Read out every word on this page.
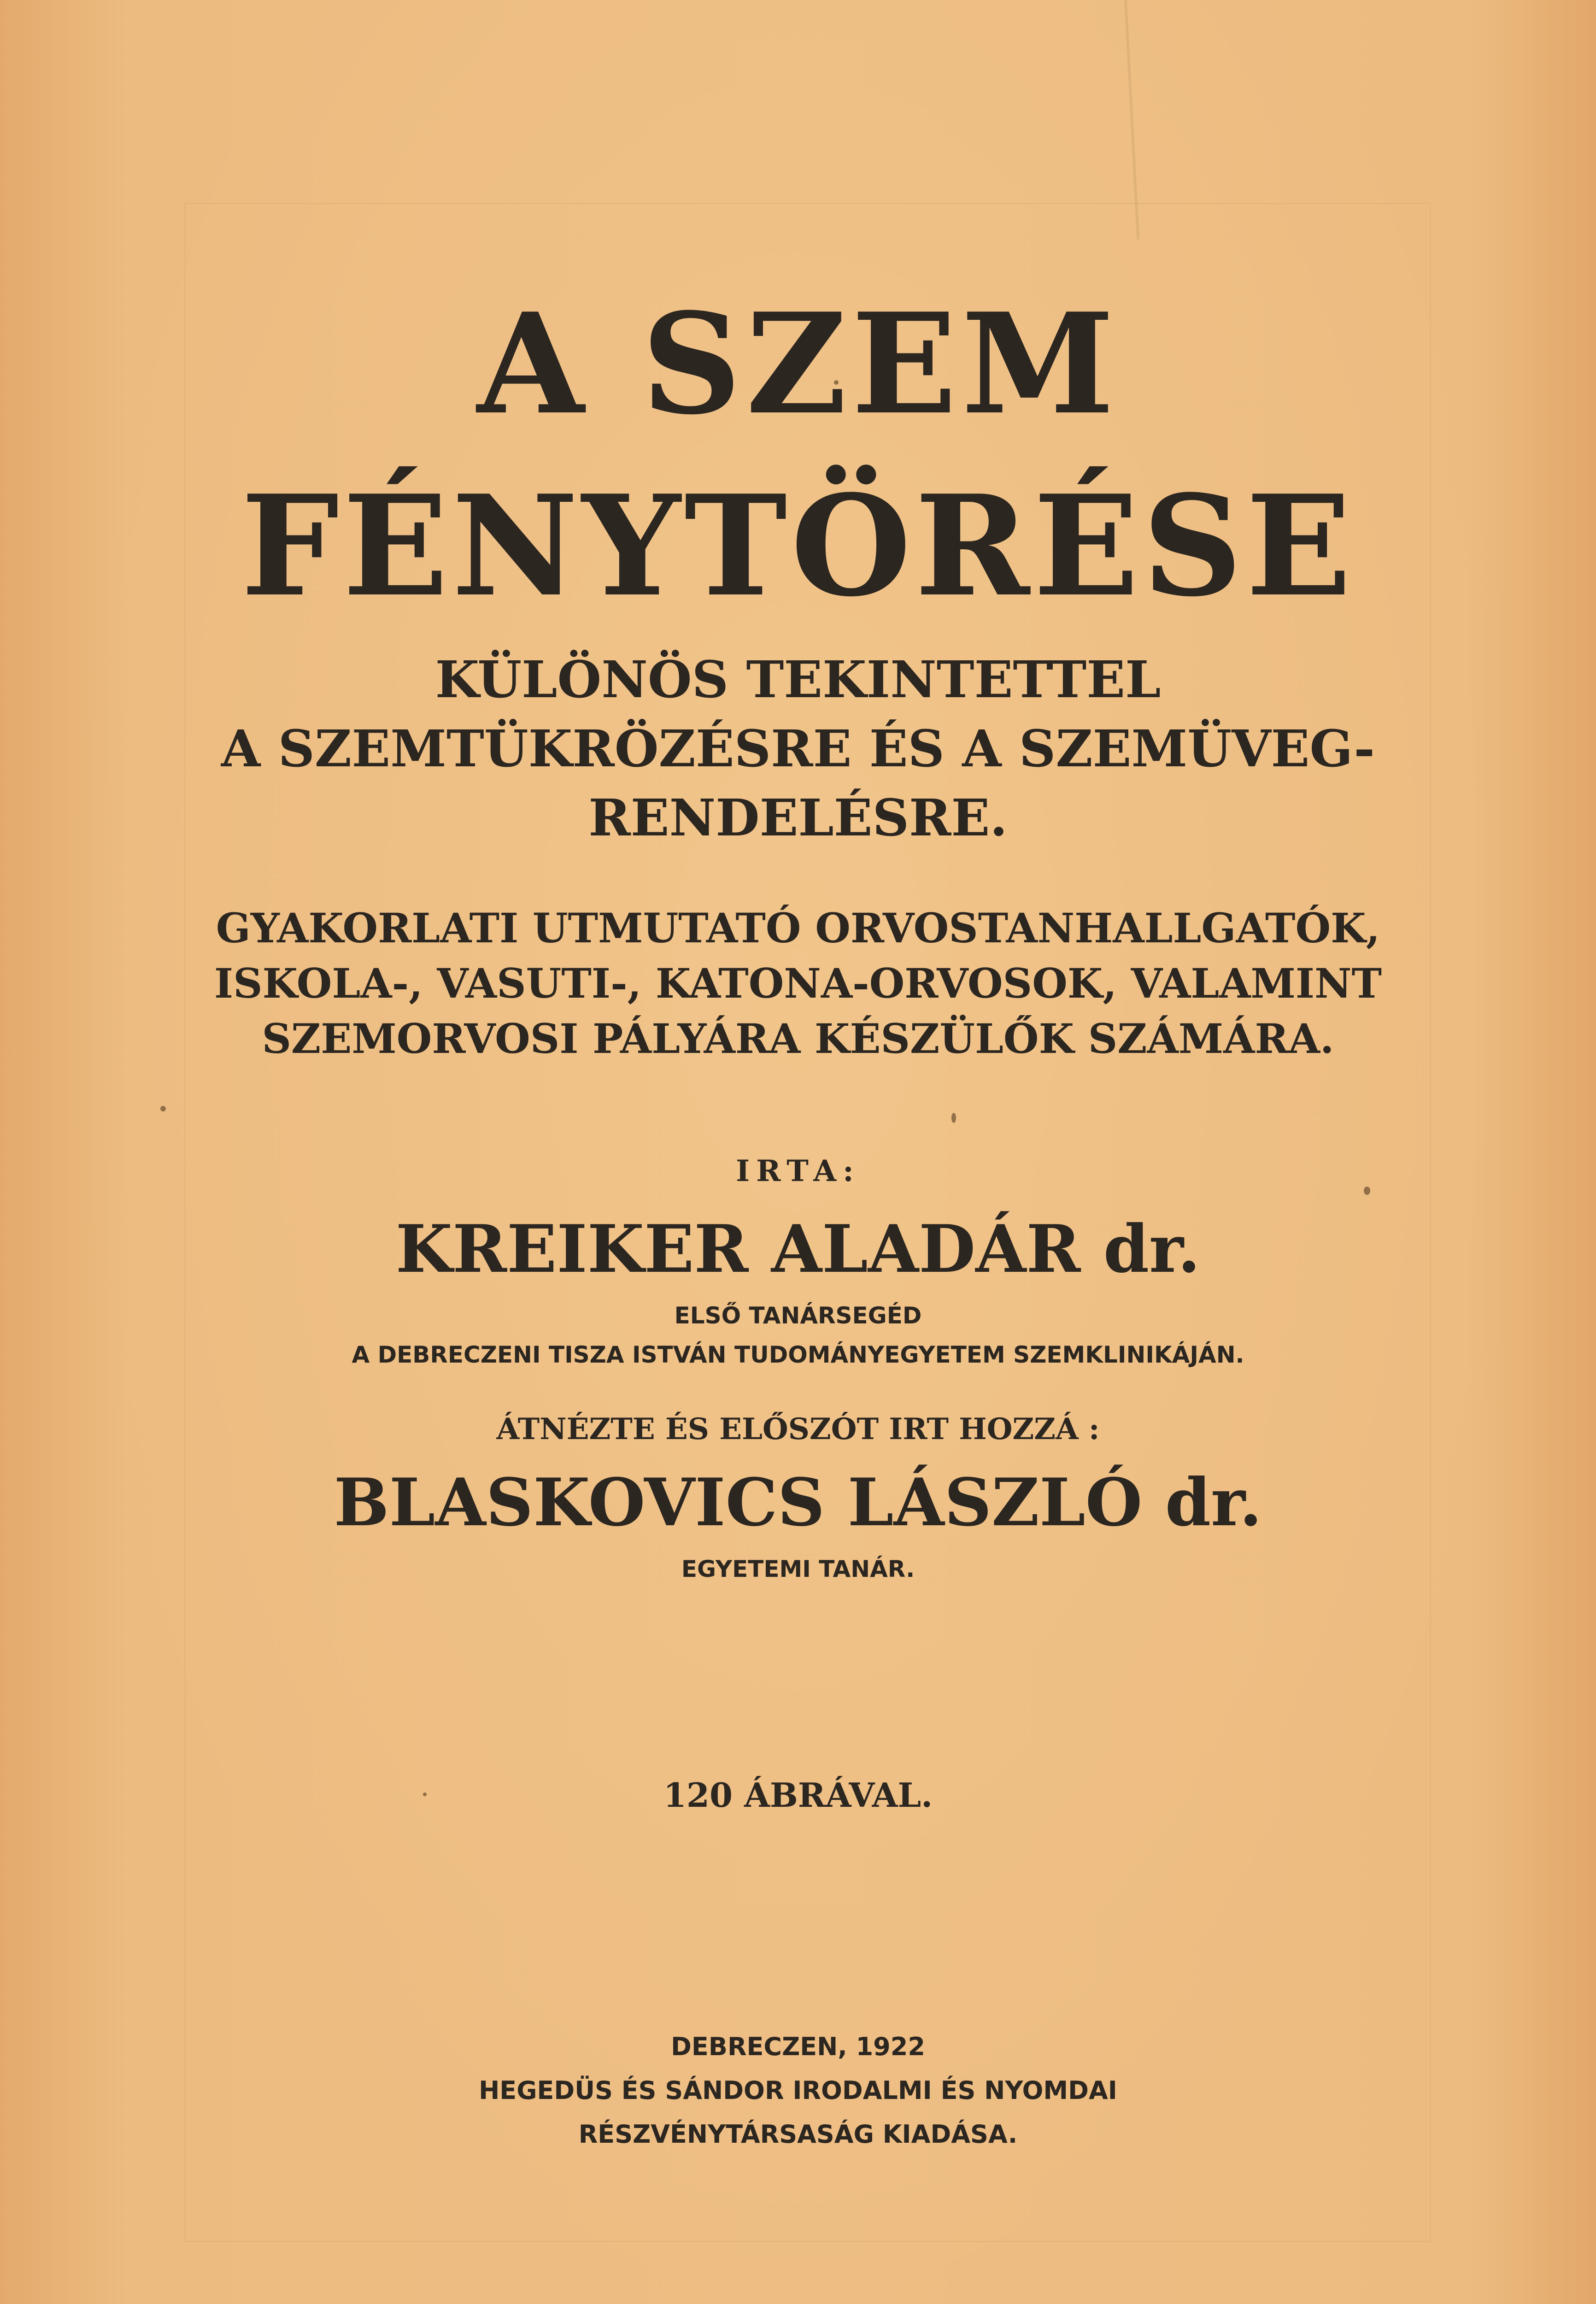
A SZEM
FÉNYTÖRÉSE
KÜLÖNÖS TEKINTETTEL
A SZEMTÜKRÖZÉSRE ÉS A SZEMÜVEG-
RENDELÉSRE.
GYAKORLATI UTMUTATÓ ORVOSTANHALLGATÓK,
ISKOLA-, VASUTI-, KATONA-ORVOSOK, VALAMINT
SZEMORVOSI PÁLYÁRA KÉSZÜLŐK SZÁMÁRA.
IRTA:
KREIKER ALADÁR dr.
ELSŐ TANÁRSEGÉD
A DEBRECZENI TISZA ISTVÁN TUDOMÁNYEGYETEM SZEMKLINIKÁJÁN.
ÁTNÉZTE ÉS ELŐSZÓT IRT HOZZÁ :
BLASKOVICS LÁSZLÓ dr.
EGYETEMI TANÁR.
120 ÁBRÁVAL.
DEBRECZEN, 1922
HEGEDÜS ÉS SÁNDOR IRODALMI ÉS NYOMDAI
RÉSZVÉNYTÁRSASÁG KIADÁSA.
